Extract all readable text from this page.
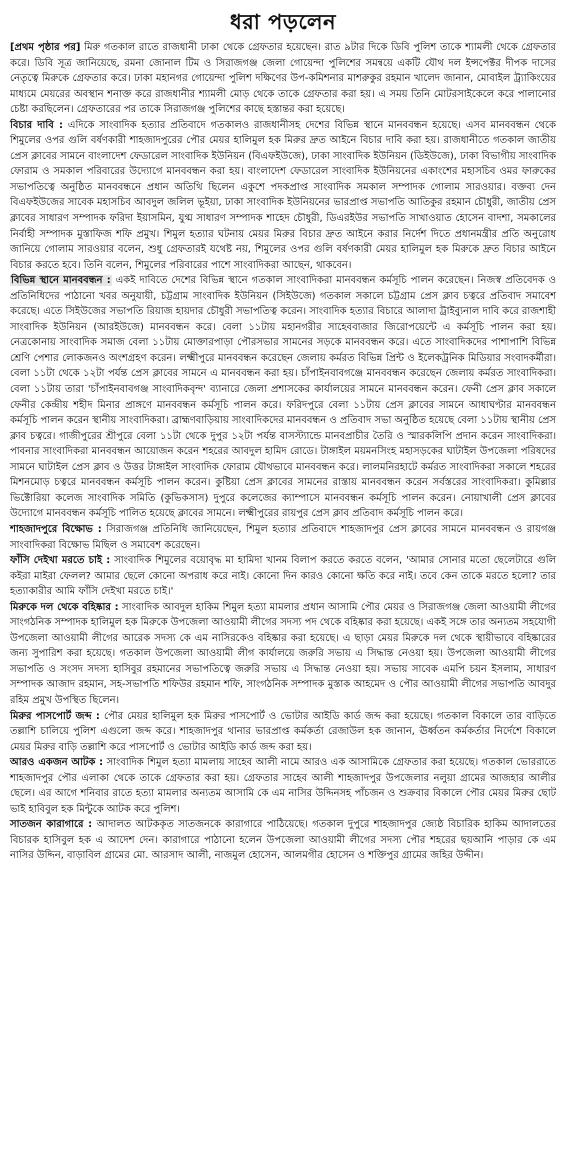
ধরা পড়লেন

[প্রথম পৃষ্ঠার পর] মিরু গতকাল রাতে রাজধানী ঢাকা থেকে গ্রেফতার হয়েছেন। রাত ৯টার দিকে ডিবি পুলিশ তাকে শ্যামলী থেকে গ্রেফতার করে। ডিবি সূত্র জানিয়েছে, রমনা জোনাল টিম ও সিরাজগঞ্জ জেলা গোয়েন্দা পুলিশের সমন্বয়ে একটি যৌথ দল ইন্সপেক্টর দীপক দাসের নেতৃত্বে মিরুকে গ্রেফতার করে। ঢাকা মহানগর গোয়েন্দা পুলিশ দক্ষিণের উপ-কমিশনার মাশরুকুর রহমান খালেদ জানান, মোবাইল ট্র্যাকিংয়ের মাধ্যমে মেয়রের অবস্থান শনাক্ত করে রাজধানীর শ্যামলী মোড় থেকে তাকে গ্রেফতার করা হয়। এ সময় তিনি মোটরসাইকেলে করে পালানোর চেষ্টা করছিলেন। গ্রেফতারের পর তাকে সিরাজগঞ্জ পুলিশের কাছে হস্তান্তর করা হয়েছে।

বিচার দাবি : এদিকে সাংবাদিক হত্যার প্রতিবাদে গতকালও রাজধানীসহ দেশের বিভিন্ন স্থানে মানববন্ধন হয়েছে। এসব মানববন্ধন থেকে শিমুলের ওপর গুলি বর্ষণকারী শাহজাদপুরের পৌর মেয়র হালিমুল হক মিরুর দ্রুত আইনে বিচার দাবি করা হয়। রাজধানীতে গতকাল জাতীয় প্রেস ক্লাবের সামনে বাংলাদেশ ফেডারেল সাংবাদিক ইউনিয়ন (বিএফইউজে), ঢাকা সাংবাদিক ইউনিয়ন (ডিইউজে), ঢাকা বিভাগীয় সাংবাদিক ফোরাম ও সমকাল পরিবারের উদ্যোগে মানববন্ধন করা হয়। বাংলাদেশ ফেডারেল সাংবাদিক ইউনিয়নের একাংশের মহাসচিব ওমর ফারুকের সভাপতিত্বে অনুষ্ঠিত মানববন্ধনে প্রধান অতিথি ছিলেন একুশে পদকপ্রাপ্ত সাংবাদিক সমকাল সম্পাদক গোলাম সারওয়ার। বক্তব্য দেন বিএফইউজের সাবেক মহাসচিব আবদুল জলিল ভূইয়া, ঢাকা সাংবাদিক ইউনিয়নের ভারপ্রাপ্ত সভাপতি আতিকুর রহমান চৌধুরী, জাতীয় প্রেস ক্লাবের সাধারণ সম্পাদক ফরিদা ইয়াসমিন, যুগ্ম সাধারণ সম্পাদক শাহেদ চৌধুরী, ডিএরইউর সভাপতি সাখাওয়াত হোসেন বাদশা, সমকালের নির্বাহী সম্পাদক মুস্তাফিজ শফি প্রমুখ। শিমুল হত্যার ঘটনায় মেয়র মিরুর বিচার দ্রুত আইনে করার নির্দেশ দিতে প্রধানমন্ত্রীর প্রতি অনুরোধ জানিয়ে গোলাম সারওয়ার বলেন, শুধু গ্রেফতারই যথেষ্ট নয়, শিমুলের ওপর গুলি বর্ষণকারী মেয়র হালিমুল হক মিরুকে দ্রুত বিচার আইনে বিচার করতে হবে। তিনি বলেন, শিমুলের পরিবারের পাশে সাংবাদিকরা আছেন, থাকবেন।

বিভিন্ন স্থানে মানববন্ধন : একই দাবিতে দেশের বিভিন্ন স্থানে গতকাল সাংবাদিকরা মানববন্ধন কর্মসূচি পালন করেছেন। নিজস্ব প্রতিবেদক ও প্রতিনিধিদের পাঠানো খবর অনুযায়ী, চট্টগ্রাম সাংবাদিক ইউনিয়ন (সিইউজে) গতকাল সকালে চট্টগ্রাম প্রেস ক্লাব চত্বরে প্রতিবাদ সমাবেশ করেছে। এতে সিইউজের সভাপতি রিয়াজ হায়দার চৌধুরী সভাপতিত্ব করেন। সাংবাদিক হত্যার বিচারে আলাদা ট্রাইব্যুনাল দাবি করে রাজশাহী সাংবাদিক ইউনিয়ন (আরইউজে) মানববন্ধন করে। বেলা ১১টায় মহানগরীর সাহেববাজার জিরোপয়েন্টে এ কর্মসূচি পালন করা হয়। নেত্রকোনায় সাংবাদিক সমাজ বেলা ১১টায় মোক্তারপাড়া পৌরসভার সামনের সড়কে মানববন্ধন করে। এতে সাংবাদিকদের পাশাপাশি বিভিন্ন শ্রেণি পেশার লোকজনও অংশগ্রহণ করেন। লক্ষ্মীপুরে মানববন্ধন করেছেন জেলায় কর্মরত বিভিন্ন প্রিন্ট ও ইলেকট্রনিক মিডিয়ার সংবাদকর্মীরা। বেলা ১১টা থেকে ১২টা পর্যন্ত প্রেস ক্লাবের সামনে এ মানববন্ধন করা হয়। চাঁপাইনবাবগঞ্জে মানববন্ধন করেছেন জেলায় কর্মরত সাংবাদিকরা। বেলা ১১টায় তারা 'চাঁপাইনবাবগঞ্জ সাংবাদিকবৃন্দ' ব্যানারে জেলা প্রশাসকের কার্যালয়ের সামনে মানববন্ধন করেন। ফেনী প্রেস ক্লাব সকালে ফেনীর কেন্দ্রীয় শহীদ মিনার প্রাঙ্গণে মানববন্ধন কর্মসূচি পালন করে। ফরিদপুরে বেলা ১১টায় প্রেস ক্লাবের সামনে আধাঘণ্টার মানববন্ধন কর্মসূচি পালন করেন স্থানীয় সাংবাদিকরা। ব্রাহ্মণবাড়িয়ায় সাংবাদিকদের মানববন্ধন ও প্রতিবাদ সভা অনুষ্ঠিত হয়েছে বেলা ১১টায় স্থানীয় প্রেস ক্লাব চত্বরে। গাজীপুরের শ্রীপুরে বেলা ১১টা থেকে দুপুর ১২টা পর্যন্ত বাসস্ট্যান্ডে মানবপ্রাচীর তৈরি ও স্মারকলিপি প্রদান করেন সাংবাদিকরা। পাবনার সাংবাদিকরা মানববন্ধন আয়োজন করেন শহরের আবদুল হামিদ রোডে। টাঙ্গাইল ময়মনসিংহ মহাসড়কের ঘাটাইল উপজেলা পরিষদের সামনে ঘাটাইল প্রেস ক্লাব ও উত্তর টাঙ্গাইল সাংবাদিক ফোরাম যৌথভাবে মানববন্ধন করে। লালমনিরহাটে কর্মরত সাংবাদিকরা সকালে শহরের মিশনমোড় চত্বরে মানববন্ধন কর্মসূচি পালন করেন। কুষ্টিয়া প্রেস ক্লাবের সামনের রাস্তায় মানববন্ধন করেন সর্বস্তরের সাংবাদিকরা। কুমিল্লার ভিক্টোরিয়া কলেজ সাংবাদিক সমিতি (কুভিকসাস) দুপুরে কলেজের ক্যাম্পাসে মানববন্ধন কর্মসূচি পালন করেন। নোয়াখালী প্রেস ক্লাবের উদ্যোগে মানববন্ধন কর্মসূচি পালিত হয়েছে ক্লাবের সামনে। লক্ষ্মীপুরের রায়পুর প্রেস ক্লাব প্রতিবাদ কর্মসূচি পালন করে।

শাহজাদপুরে বিক্ষোভ : সিরাজগঞ্জ প্রতিনিধি জানিয়েছেন, শিমুল হত্যার প্রতিবাদে শাহজাদপুর প্রেস ক্লাবের সামনে মানববন্ধন ও রায়গঞ্জ সাংবাদিকরা বিক্ষোভ মিছিল ও সমাবেশ করেছেন।

ফাঁসি দেইখা মরতে চাই : সাংবাদিক শিমুলের বয়োবৃদ্ধ মা হামিদা খানম বিলাপ করতে করতে বলেন, 'আমার সোনার মতো ছেলেটারে গুলি কইরা মাইরা ফেলল? আমার ছেলে কোনো অপরাধ করে নাই। কোনো দিন কারও কোনো ক্ষতি করে নাই। তবে কেন তাকে মরতে হলো? তার হত্যাকারীর আমি ফাঁসি দেইখা মরতে চাই।'

মিরুকে দল থেকে বহিষ্কার : সাংবাদিক আবদুল হাকিম শিমুল হত্যা মামলার প্রধান আসামি পৌর মেয়র ও সিরাজগঞ্জ জেলা আওয়ামী লীগের সাংগঠনিক সম্পাদক হালিমুল হক মিরুকে উপজেলা আওয়ামী লীগের সদস্য পদ থেকে বহিষ্কার করা হয়েছে। একই সঙ্গে তার অন্যতম সহযোগী উপজেলা আওয়ামী লীগের আরেক সদস্য কে এম নাসিরকেও বহিষ্কার করা হয়েছে। এ ছাড়া মেয়র মিরুকে দল থেকে স্থায়ীভাবে বহিষ্কারের জন্য সুপারিশ করা হয়েছে। গতকাল উপজেলা আওয়ামী লীগ কার্যালয়ে জরুরি সভায় এ সিদ্ধান্ত নেওয়া হয়। উপজেলা আওয়ামী লীগের সভাপতি ও সংসদ সদস্য হাসিবুর রহমানের সভাপতিত্বে জরুরি সভায় এ সিদ্ধান্ত নেওয়া হয়। সভায় সাবেক এমপি চয়ন ইসলাম, সাধারণ সম্পাদক আজাদ রহমান, সহ-সভাপতি শফিউর রহমান শফি, সাংগঠনিক সম্পাদক মুস্তাক আহমেদ ও পৌর আওয়ামী লীগের সভাপতি আবদুর রহিম প্রমুখ উপস্থিত ছিলেন।

মিরুর পাসপোর্ট জব্দ : পৌর মেয়র হালিমুল হক মিরুর পাসপোর্ট ও ভোটার আইডি কার্ড জব্দ করা হয়েছে। গতকাল বিকালে তার বাড়িতে তল্লাশি চালিয়ে পুলিশ এগুলো জব্দ করে। শাহজাদপুর থানার ভারপ্রাপ্ত কর্মকর্তা রেজাউল হক জানান, ঊর্ধ্বতন কর্মকর্তার নির্দেশে বিকালে মেয়র মিরুর বাড়ি তল্লাশি করে পাসপোর্ট ও ভোটার আইডি কার্ড জব্দ করা হয়।

আরও একজন আটক : সাংবাদিক শিমুল হত্যা মামলায় সাহেব আলী নামে আরও এক আসামিকে গ্রেফতার করা হয়েছে। গতকাল ভোররাতে শাহজাদপুর পৌর এলাকা থেকে তাকে গ্রেফতার করা হয়। গ্রেফতার সাহেব আলী শাহজাদপুর উপজেলার নলুয়া গ্রামের আজহার আলীর ছেলে। এর আগে শনিবার রাতে হত্যা মামলার অন্যতম আসামি কে এম নাসির উদ্দিনসহ পাঁচজন ও শুক্রবার বিকালে পৌর মেয়র মিরুর ছোট ভাই হাবিবুল হক মিন্টুকে আটক করে পুলিশ।

সাতজন কারাগারে : আদালত আটককৃত সাতজনকে কারাগারে পাঠিয়েছে। গতকাল দুপুরে শাহজাদপুর জ্যেষ্ঠ বিচারিক হাকিম আদালতের বিচারক হাসিবুল হক এ আদেশ দেন। কারাগারে পাঠানো হলেন উপজেলা আওয়ামী লীগের সদস্য পৌর শহরের ছয়আনি পাড়ার কে এম নাসির উদ্দিন, বাড়াবিল গ্রামের মো. আরসাদ আলী, নাজমুল হোসেন, আলমগীর হোসেন ও শক্তিপুর গ্রামের জহির উদ্দীন।
